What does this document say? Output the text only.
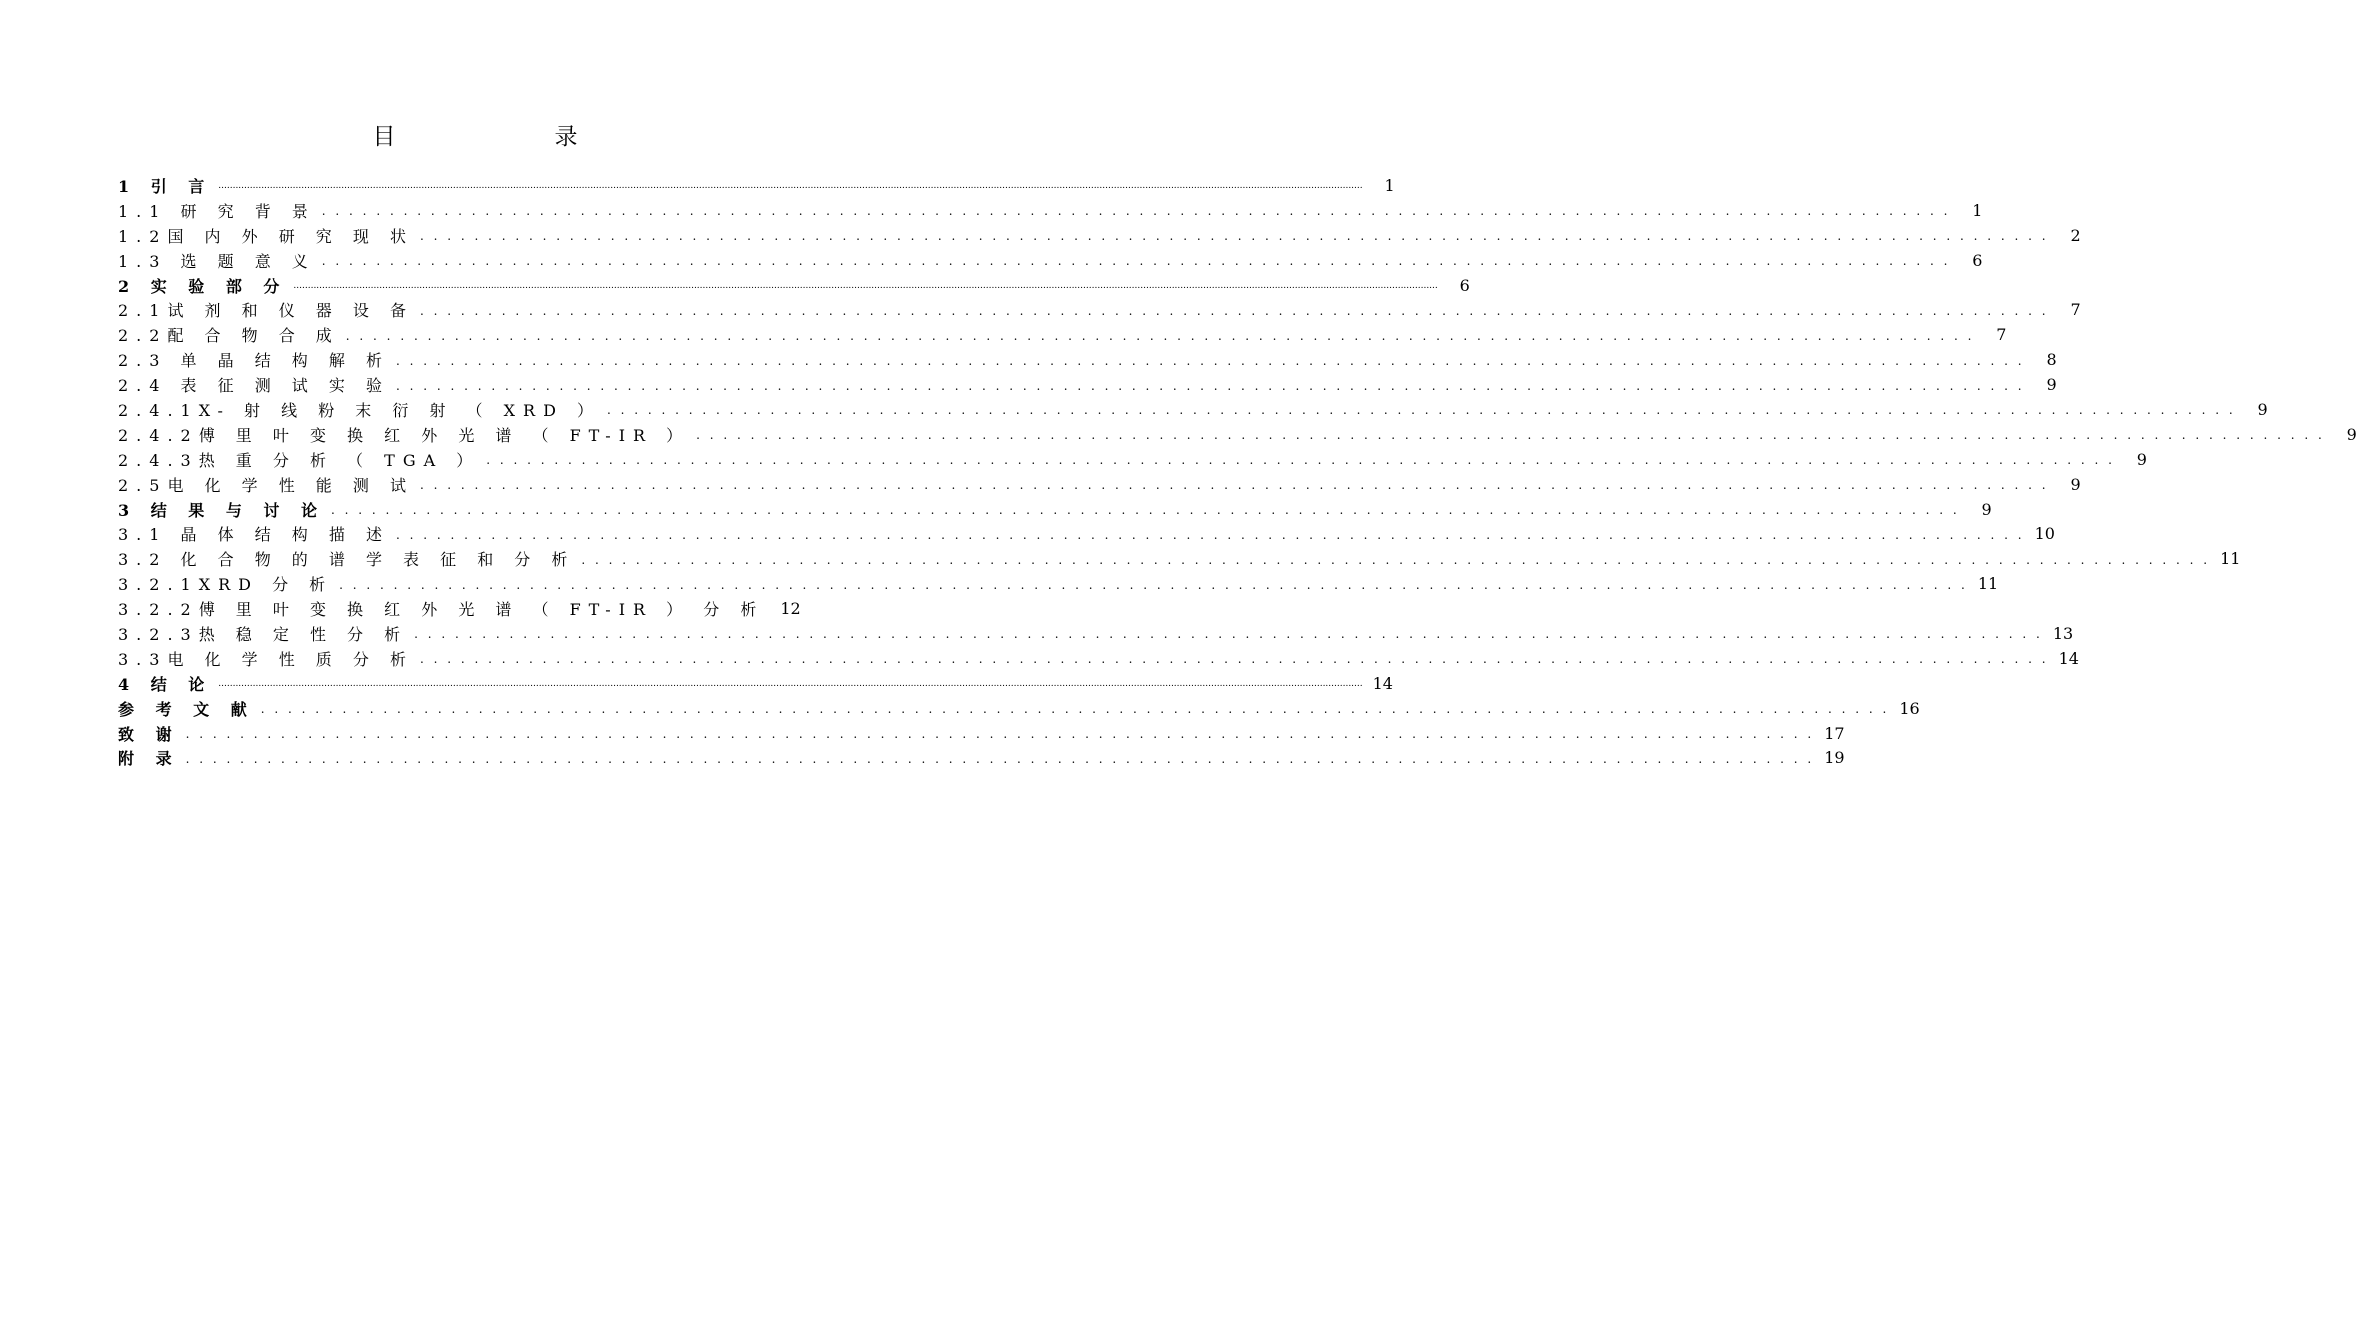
目　录
1 引 言 ................................................................................................................................................................................................................................................................................................................................................................................................................	1
1.1 研 究 背 景 . . . . . . . . . . . . . . . . . . . . . . . . . . . . . . . . . . . . . . . . . . . . . . . . . . . . . . . . . . . . . . . . . . . . . . . . . . . . . . . . . . . . . . . . . . . . . . . . . . . . . . . . . . . . . . . . . . . . . . . .	1
1.2国 内 外 研 究 现 状 . . . . . . . . . . . . . . . . . . . . . . . . . . . . . . . . . . . . . . . . . . . . . . . . . . . . . . . . . . . . . . . . . . . . . . . . . . . . . . . . . . . . . . . . . . . . . . . . . . . . . . . . . . . . . . . . . . . . . . . .	2
1.3 选 题 意 义 . . . . . . . . . . . . . . . . . . . . . . . . . . . . . . . . . . . . . . . . . . . . . . . . . . . . . . . . . . . . . . . . . . . . . . . . . . . . . . . . . . . . . . . . . . . . . . . . . . . . . . . . . . . . . . . . . . . . . . . .	6
2 实 验 部 分 ................................................................................................................................................................................................................................................................................................................................................................................................................	6
2.1试 剂 和 仪 器 设 备 . . . . . . . . . . . . . . . . . . . . . . . . . . . . . . . . . . . . . . . . . . . . . . . . . . . . . . . . . . . . . . . . . . . . . . . . . . . . . . . . . . . . . . . . . . . . . . . . . . . . . . . . . . . . . . . . . . . . . . . .	7
2.2配 合 物 合 成 . . . . . . . . . . . . . . . . . . . . . . . . . . . . . . . . . . . . . . . . . . . . . . . . . . . . . . . . . . . . . . . . . . . . . . . . . . . . . . . . . . . . . . . . . . . . . . . . . . . . . . . . . . . . . . . . . . . . . . . .	7
2.3 单 晶 结 构 解 析 . . . . . . . . . . . . . . . . . . . . . . . . . . . . . . . . . . . . . . . . . . . . . . . . . . . . . . . . . . . . . . . . . . . . . . . . . . . . . . . . . . . . . . . . . . . . . . . . . . . . . . . . . . . . . . . . . . . . . . . .	8
2.4 表 征 测 试 实 验 . . . . . . . . . . . . . . . . . . . . . . . . . . . . . . . . . . . . . . . . . . . . . . . . . . . . . . . . . . . . . . . . . . . . . . . . . . . . . . . . . . . . . . . . . . . . . . . . . . . . . . . . . . . . . . . . . . . . . . . .	9
2.4.1X- 射 线 粉 末 衍 射 （ XRD ） . . . . . . . . . . . . . . . . . . . . . . . . . . . . . . . . . . . . . . . . . . . . . . . . . . . . . . . . . . . . . . . . . . . . . . . . . . . . . . . . . . . . . . . . . . . . . . . . . . . . . . . . . . . . . . . . . . . . . . . .	9
2.4.2傅 里 叶 变 换 红 外 光 谱 （ FT-IR ） . . . . . . . . . . . . . . . . . . . . . . . . . . . . . . . . . . . . . . . . . . . . . . . . . . . . . . . . . . . . . . . . . . . . . . . . . . . . . . . . . . . . . . . . . . . . . . . . . . . . . . . . . . . . . . . . . . . . . . . .	9
2.4.3热 重 分 析 （ TGA ） . . . . . . . . . . . . . . . . . . . . . . . . . . . . . . . . . . . . . . . . . . . . . . . . . . . . . . . . . . . . . . . . . . . . . . . . . . . . . . . . . . . . . . . . . . . . . . . . . . . . . . . . . . . . . . . . . . . . . . . .	9
2.5电 化 学 性 能 测 试 . . . . . . . . . . . . . . . . . . . . . . . . . . . . . . . . . . . . . . . . . . . . . . . . . . . . . . . . . . . . . . . . . . . . . . . . . . . . . . . . . . . . . . . . . . . . . . . . . . . . . . . . . . . . . . . . . . . . . . . .	9
3 结 果 与 讨 论 . . . . . . . . . . . . . . . . . . . . . . . . . . . . . . . . . . . . . . . . . . . . . . . . . . . . . . . . . . . . . . . . . . . . . . . . . . . . . . . . . . . . . . . . . . . . . . . . . . . . . . . . . . . . . . . . . . . . . . . .	9
3.1 晶 体 结 构 描 述 . . . . . . . . . . . . . . . . . . . . . . . . . . . . . . . . . . . . . . . . . . . . . . . . . . . . . . . . . . . . . . . . . . . . . . . . . . . . . . . . . . . . . . . . . . . . . . . . . . . . . . . . . . . . . . . . . . . . . . . . 10
3.2 化 合 物 的 谱 学 表 征 和 分 析 . . . . . . . . . . . . . . . . . . . . . . . . . . . . . . . . . . . . . . . . . . . . . . . . . . . . . . . . . . . . . . . . . . . . . . . . . . . . . . . . . . . . . . . . . . . . . . . . . . . . . . . . . . . . . . . . . . . . . . . . 11
3.2.1XRD 分 析 . . . . . . . . . . . . . . . . . . . . . . . . . . . . . . . . . . . . . . . . . . . . . . . . . . . . . . . . . . . . . . . . . . . . . . . . . . . . . . . . . . . . . . . . . . . . . . . . . . . . . . . . . . . . . . . . . . . . . . . . 11
3.2.2傅 里 叶 变 换 红 外 光 谱 （ FT-IR ） 分 析 12
3.2.3热 稳 定 性 分 析 . . . . . . . . . . . . . . . . . . . . . . . . . . . . . . . . . . . . . . . . . . . . . . . . . . . . . . . . . . . . . . . . . . . . . . . . . . . . . . . . . . . . . . . . . . . . . . . . . . . . . . . . . . . . . . . . . . . . . . . . 13
3.3电 化 学 性 质 分 析 . . . . . . . . . . . . . . . . . . . . . . . . . . . . . . . . . . . . . . . . . . . . . . . . . . . . . . . . . . . . . . . . . . . . . . . . . . . . . . . . . . . . . . . . . . . . . . . . . . . . . . . . . . . . . . . . . . . . . . . . 14
4 结 论 ................................................................................................................................................................................................................................................................................................................................................................................................................ 14
参 考 文 献 . . . . . . . . . . . . . . . . . . . . . . . . . . . . . . . . . . . . . . . . . . . . . . . . . . . . . . . . . . . . . . . . . . . . . . . . . . . . . . . . . . . . . . . . . . . . . . . . . . . . . . . . . . . . . . . . . . . . . . . . 16
致 谢 . . . . . . . . . . . . . . . . . . . . . . . . . . . . . . . . . . . . . . . . . . . . . . . . . . . . . . . . . . . . . . . . . . . . . . . . . . . . . . . . . . . . . . . . . . . . . . . . . . . . . . . . . . . . . . . . . . . . . . . . 17
附 录 . . . . . . . . . . . . . . . . . . . . . . . . . . . . . . . . . . . . . . . . . . . . . . . . . . . . . . . . . . . . . . . . . . . . . . . . . . . . . . . . . . . . . . . . . . . . . . . . . . . . . . . . . . . . . . . . . . . . . . . . 19
